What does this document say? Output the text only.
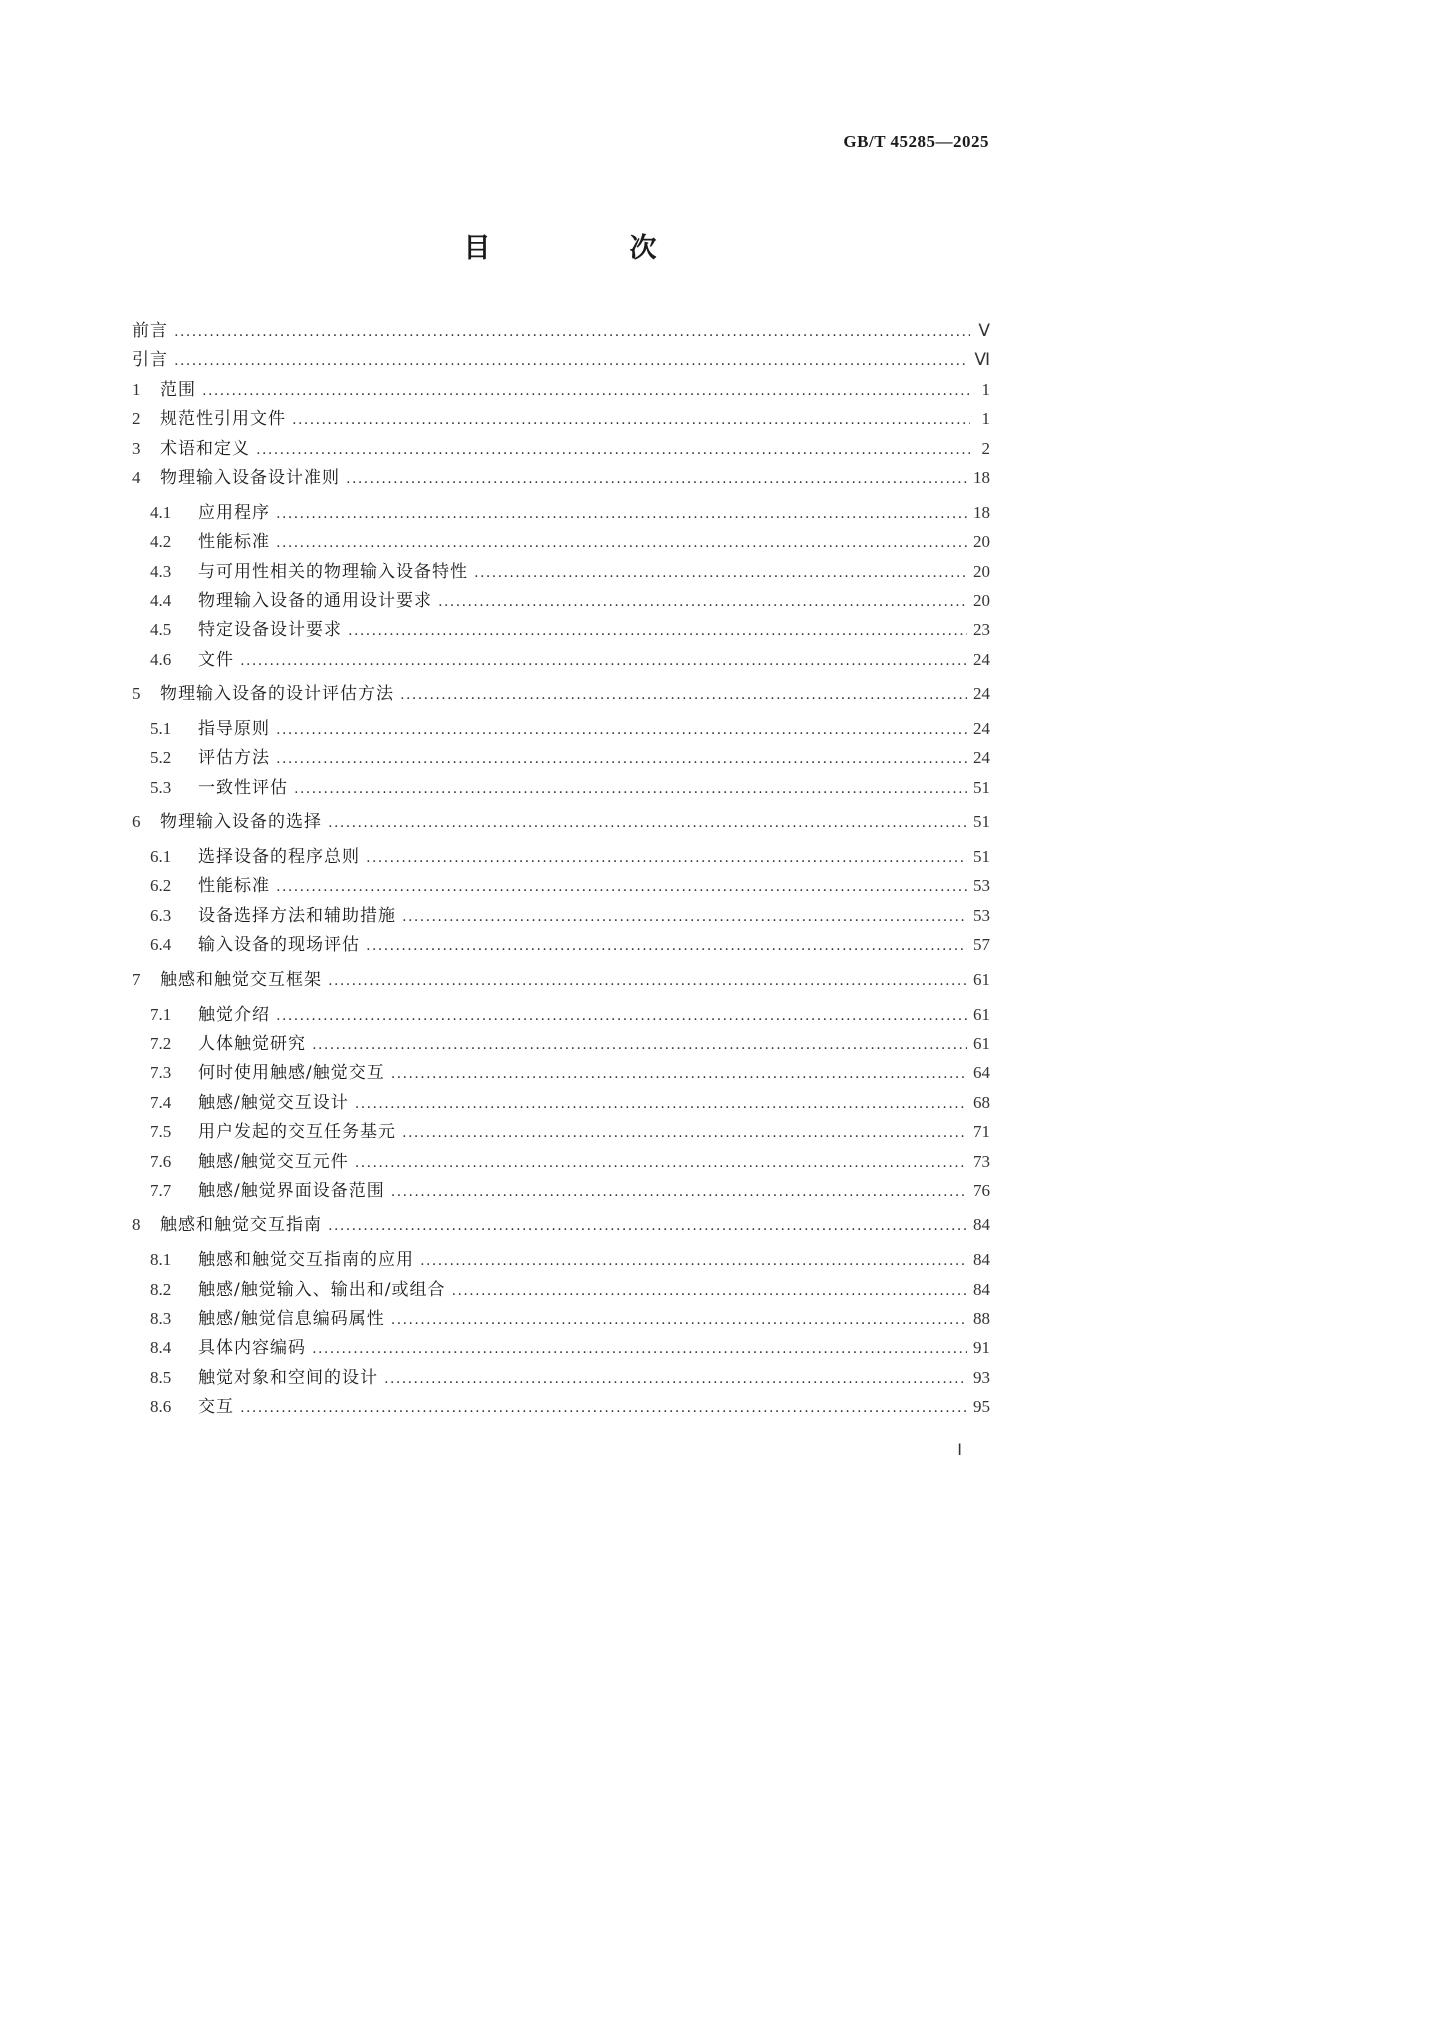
GB/T 45285—2025
目　次
前言 ․․․․․․․․․․․․․․․․․․․․․․․․․․․․․․․․․․․․․․․․․․․․․․․․․․․․․․․․․․․․․․․․․․․․․․․․․․․․․․․․․․․․․․․․․․․․․․․․․․․․․․․․․․․․․․․․․․․․․․․․․․․․․․․․․․․․․․․․․․․․․․․․․․․․․․․․․․․․	Ⅴ
引言 ․․․․․․․․․․․․․․․․․․․․․․․․․․․․․․․․․․․․․․․․․․․․․․․․․․․․․․․․․․․․․․․․․․․․․․․․․․․․․․․․․․․․․․․․․․․․․․․․․․․․․․․․․․․․․․․․․․․․․․․․․․․․․․․․․․․․․․․․․․․․․․․․․․․․․․․․․․․․	Ⅵ
1	范围 ․․․․․․․․․․․․․․․․․․․․․․․․․․․․․․․․․․․․․․․․․․․․․․․․․․․․․․․․․․․․․․․․․․․․․․․․․․․․․․․․․․․․․․․․․․․․․․․․․․․․․․․․․․․․․․․․․․․․․․․․․․․․․․․․․․․․․․․․․․․․․․․․․․․․․․․․․․․․	1
2	规范性引用文件 ․․․․․․․․․․․․․․․․․․․․․․․․․․․․․․․․․․․․․․․․․․․․․․․․․․․․․․․․․․․․․․․․․․․․․․․․․․․․․․․․․․․․․․․․․․․․․․․․․․․․․․․․․․․․․․․․․․․․․․․․․․․․․․․․․․․․․․․․․․․․․․․․․․․․․․․․․․․․	1
3	术语和定义 ․․․․․․․․․․․․․․․․․․․․․․․․․․․․․․․․․․․․․․․․․․․․․․․․․․․․․․․․․․․․․․․․․․․․․․․․․․․․․․․․․․․․․․․․․․․․․․․․․․․․․․․․․․․․․․․․․․․․․․․․․․․․․․․․․․․․․․․․․․․․․․․․․․․․․․․․․․․․	2
4	物理输入设备设计准则 ․․․․․․․․․․․․․․․․․․․․․․․․․․․․․․․․․․․․․․․․․․․․․․․․․․․․․․․․․․․․․․․․․․․․․․․․․․․․․․․․․․․․․․․․․․․․․․․․․․․․․․․․․․․․․․․․․․․․․․․․․․․․․․․․․․․․․․․․․․․․․․․․․․․․․․․․․․․․	18
4.1	应用程序 ․․․․․․․․․․․․․․․․․․․․․․․․․․․․․․․․․․․․․․․․․․․․․․․․․․․․․․․․․․․․․․․․․․․․․․․․․․․․․․․․․․․․․․․․․․․․․․․․․․․․․․․․․․․․․․․․․․․․․․․․․․․․․․․․․․․․․․․․․․․․․․․․․․․․․․․․․․․․	18
4.2	性能标准 ․․․․․․․․․․․․․․․․․․․․․․․․․․․․․․․․․․․․․․․․․․․․․․․․․․․․․․․․․․․․․․․․․․․․․․․․․․․․․․․․․․․․․․․․․․․․․․․․․․․․․․․․․․․․․․․․․․․․․․․․․․․․․․․․․․․․․․․․․․․․․․․․․․․․․․․․․․․․	20
4.3	与可用性相关的物理输入设备特性 ․․․․․․․․․․․․․․․․․․․․․․․․․․․․․․․․․․․․․․․․․․․․․․․․․․․․․․․․․․․․․․․․․․․․․․․․․․․․․․․․․․․․․․․․․․․․․․․․․․․․․․․․․․․․․․․․․․․․․․․․․․․․․․․․․․․․․․․․․․․․․․․․․․․․․․․․․․․․	20
4.4	物理输入设备的通用设计要求 ․․․․․․․․․․․․․․․․․․․․․․․․․․․․․․․․․․․․․․․․․․․․․․․․․․․․․․․․․․․․․․․․․․․․․․․․․․․․․․․․․․․․․․․․․․․․․․․․․․․․․․․․․․․․․․․․․․․․․․․․․․․․․․․․․․․․․․․․․․․․․․․․․․․․․․․․․․․․	20
4.5	特定设备设计要求 ․․․․․․․․․․․․․․․․․․․․․․․․․․․․․․․․․․․․․․․․․․․․․․․․․․․․․․․․․․․․․․․․․․․․․․․․․․․․․․․․․․․․․․․․․․․․․․․․․․․․․․․․․․․․․․․․․․․․․․․․․․․․․․․․․․․․․․․․․․․․․․․․․․․․․․․․․․․․	23
4.6	文件 ․․․․․․․․․․․․․․․․․․․․․․․․․․․․․․․․․․․․․․․․․․․․․․․․․․․․․․․․․․․․․․․․․․․․․․․․․․․․․․․․․․․․․․․․․․․․․․․․․․․․․․․․․․․․․․․․․․․․․․․․․․․․․․․․․․․․․․․․․․․․․․․․․․․․․․․․․․․․	24
5	物理输入设备的设计评估方法 ․․․․․․․․․․․․․․․․․․․․․․․․․․․․․․․․․․․․․․․․․․․․․․․․․․․․․․․․․․․․․․․․․․․․․․․․․․․․․․․․․․․․․․․․․․․․․․․․․․․․․․․․․․․․․․․․․․․․․․․․․․․․․․․․․․․․․․․․․․․․․․․․․․․․․․․․․․․․	24
5.1	指导原则 ․․․․․․․․․․․․․․․․․․․․․․․․․․․․․․․․․․․․․․․․․․․․․․․․․․․․․․․․․․․․․․․․․․․․․․․․․․․․․․․․․․․․․․․․․․․․․․․․․․․․․․․․․․․․․․․․․․․․․․․․․․․․․․․․․․․․․․․․․․․․․․․․․․․․․․․․․․․․	24
5.2	评估方法 ․․․․․․․․․․․․․․․․․․․․․․․․․․․․․․․․․․․․․․․․․․․․․․․․․․․․․․․․․․․․․․․․․․․․․․․․․․․․․․․․․․․․․․․․․․․․․․․․․․․․․․․․․․․․․․․․․․․․․․․․․․․․․․․․․․․․․․․․․․․․․․․․․․․․․․․․․․․․	24
5.3	一致性评估 ․․․․․․․․․․․․․․․․․․․․․․․․․․․․․․․․․․․․․․․․․․․․․․․․․․․․․․․․․․․․․․․․․․․․․․․․․․․․․․․․․․․․․․․․․․․․․․․․․․․․․․․․․․․․․․․․․․․․․․․․․․․․․․․․․․․․․․․․․․․․․․․․․․․․․․․․․․․․	51
6	物理输入设备的选择 ․․․․․․․․․․․․․․․․․․․․․․․․․․․․․․․․․․․․․․․․․․․․․․․․․․․․․․․․․․․․․․․․․․․․․․․․․․․․․․․․․․․․․․․․․․․․․․․․․․․․․․․․․․․․․․․․․․․․․․․․․․․․․․․․․․․․․․․․․․․․․․․․․․․․․․․․․․․․	51
6.1	选择设备的程序总则 ․․․․․․․․․․․․․․․․․․․․․․․․․․․․․․․․․․․․․․․․․․․․․․․․․․․․․․․․․․․․․․․․․․․․․․․․․․․․․․․․․․․․․․․․․․․․․․․․․․․․․․․․․․․․․․․․․․․․․․․․․․․․․․․․․․․․․․․․․․․․․․․․․․․․․․․․․․․․	51
6.2	性能标准 ․․․․․․․․․․․․․․․․․․․․․․․․․․․․․․․․․․․․․․․․․․․․․․․․․․․․․․․․․․․․․․․․․․․․․․․․․․․․․․․․․․․․․․․․․․․․․․․․․․․․․․․․․․․․․․․․․․․․․․․․․․․․․․․․․․․․․․․․․․․․․․․․․․․․․․․․․․․․	53
6.3	设备选择方法和辅助措施 ․․․․․․․․․․․․․․․․․․․․․․․․․․․․․․․․․․․․․․․․․․․․․․․․․․․․․․․․․․․․․․․․․․․․․․․․․․․․․․․․․․․․․․․․․․․․․․․․․․․․․․․․․․․․․․․․․․․․․․․․․․․․․․․․․․․․․․․․․․․․․․․․․․․․․․․․․․․․	53
6.4	输入设备的现场评估 ․․․․․․․․․․․․․․․․․․․․․․․․․․․․․․․․․․․․․․․․․․․․․․․․․․․․․․․․․․․․․․․․․․․․․․․․․․․․․․․․․․․․․․․․․․․․․․․․․․․․․․․․․․․․․․․․․․․․․․․․․․․․․․․․․․․․․․․․․․․․․․․․․․․․․․․․․․․․	57
7	触感和触觉交互框架 ․․․․․․․․․․․․․․․․․․․․․․․․․․․․․․․․․․․․․․․․․․․․․․․․․․․․․․․․․․․․․․․․․․․․․․․․․․․․․․․․․․․․․․․․․․․․․․․․․․․․․․․․․․․․․․․․․․․․․․․․․․․․․․․․․․․․․․․․․․․․․․․․․․․․․․․․․․․․	61
7.1	触觉介绍 ․․․․․․․․․․․․․․․․․․․․․․․․․․․․․․․․․․․․․․․․․․․․․․․․․․․․․․․․․․․․․․․․․․․․․․․․․․․․․․․․․․․․․․․․․․․․․․․․․․․․․․․․․․․․․․․․․․․․․․․․․․․․․․․․․․․․․․․․․․․․․․․․․․․․․․․․․․․․	61
7.2	人体触觉研究 ․․․․․․․․․․․․․․․․․․․․․․․․․․․․․․․․․․․․․․․․․․․․․․․․․․․․․․․․․․․․․․․․․․․․․․․․․․․․․․․․․․․․․․․․․․․․․․․․․․․․․․․․․․․․․․․․․․․․․․․․․․․․․․․․․․․․․․․․․․․․․․․․․․․․․․․․․․․․	61
7.3	何时使用触感/触觉交互 ․․․․․․․․․․․․․․․․․․․․․․․․․․․․․․․․․․․․․․․․․․․․․․․․․․․․․․․․․․․․․․․․․․․․․․․․․․․․․․․․․․․․․․․․․․․․․․․․․․․․․․․․․․․․․․․․․․․․․․․․․․․․․․․․․․․․․․․․․․․․․․․․․․․․․․․․․․․․	64
7.4	触感/触觉交互设计 ․․․․․․․․․․․․․․․․․․․․․․․․․․․․․․․․․․․․․․․․․․․․․․․․․․․․․․․․․․․․․․․․․․․․․․․․․․․․․․․․․․․․․․․․․․․․․․․․․․․․․․․․․․․․․․․․․․․․․․․․․․․․․․․․․․․․․․․․․․․․․․․․․․․․․․․․․․․․	68
7.5	用户发起的交互任务基元 ․․․․․․․․․․․․․․․․․․․․․․․․․․․․․․․․․․․․․․․․․․․․․․․․․․․․․․․․․․․․․․․․․․․․․․․․․․․․․․․․․․․․․․․․․․․․․․․․․․․․․․․․․․․․․․․․․․․․․․․․․․․․․․․․․․․․․․․․․․․․․․․․․․․․․․․․․․․․	71
7.6	触感/触觉交互元件 ․․․․․․․․․․․․․․․․․․․․․․․․․․․․․․․․․․․․․․․․․․․․․․․․․․․․․․․․․․․․․․․․․․․․․․․․․․․․․․․․․․․․․․․․․․․․․․․․․․․․․․․․․․․․․․․․․․․․․․․․․․․․․․․․․․․․․․․․․․․․․․․․․․․․․․․․․․․․	73
7.7	触感/触觉界面设备范围 ․․․․․․․․․․․․․․․․․․․․․․․․․․․․․․․․․․․․․․․․․․․․․․․․․․․․․․․․․․․․․․․․․․․․․․․․․․․․․․․․․․․․․․․․․․․․․․․․․․․․․․․․․․․․․․․․․․․․․․․․․․․․․․․․․․․․․․․․․․․․․․․․․․․․․․․․․․․․	76
8	触感和触觉交互指南 ․․․․․․․․․․․․․․․․․․․․․․․․․․․․․․․․․․․․․․․․․․․․․․․․․․․․․․․․․․․․․․․․․․․․․․․․․․․․․․․․․․․․․․․․․․․․․․․․․․․․․․․․․․․․․․․․․․․․․․․․․․․․․․․․․․․․․․․․․․․․․․․․․․․․․․․․․․․․	84
8.1	触感和触觉交互指南的应用 ․․․․․․․․․․․․․․․․․․․․․․․․․․․․․․․․․․․․․․․․․․․․․․․․․․․․․․․․․․․․․․․․․․․․․․․․․․․․․․․․․․․․․․․․․․․․․․․․․․․․․․․․․․․․․․․․․․․․․․․․․․․․․․․․․․․․․․․․․․․․․․․․․․․․․․․․․․․․	84
8.2	触感/触觉输入、输出和/或组合 ․․․․․․․․․․․․․․․․․․․․․․․․․․․․․․․․․․․․․․․․․․․․․․․․․․․․․․․․․․․․․․․․․․․․․․․․․․․․․․․․․․․․․․․․․․․․․․․․․․․․․․․․․․․․․․․․․․․․․․․․․․․․․․․․․․․․․․․․․․․․․․․․․․․․․․․․․․․․	84
8.3	触感/触觉信息编码属性 ․․․․․․․․․․․․․․․․․․․․․․․․․․․․․․․․․․․․․․․․․․․․․․․․․․․․․․․․․․․․․․․․․․․․․․․․․․․․․․․․․․․․․․․․․․․․․․․․․․․․․․․․․․․․․․․․․․․․․․․․․․․․․․․․․․․․․․․․․․․․․․․․․․․․․․․․․․․․	88
8.4	具体内容编码 ․․․․․․․․․․․․․․․․․․․․․․․․․․․․․․․․․․․․․․․․․․․․․․․․․․․․․․․․․․․․․․․․․․․․․․․․․․․․․․․․․․․․․․․․․․․․․․․․․․․․․․․․․․․․․․․․․․․․․․․․․․․․․․․․․․․․․․․․․․․․․․․․․․․․․․․․․․․․	91
8.5	触觉对象和空间的设计 ․․․․․․․․․․․․․․․․․․․․․․․․․․․․․․․․․․․․․․․․․․․․․․․․․․․․․․․․․․․․․․․․․․․․․․․․․․․․․․․․․․․․․․․․․․․․․․․․․․․․․․․․․․․․․․․․․․․․․․․․․․․․․․․․․․․․․․․․․․․․․․․․․․․․․․․․․․․․	93
8.6	交互 ․․․․․․․․․․․․․․․․․․․․․․․․․․․․․․․․․․․․․․․․․․․․․․․․․․․․․․․․․․․․․․․․․․․․․․․․․․․․․․․․․․․․․․․․․․․․․․․․․․․․․․․․․․․․․․․․․․․․․․․․․․․․․․․․․․․․․․․․․․․․․․․․․․․․․․․․․․․․	95
Ⅰ
